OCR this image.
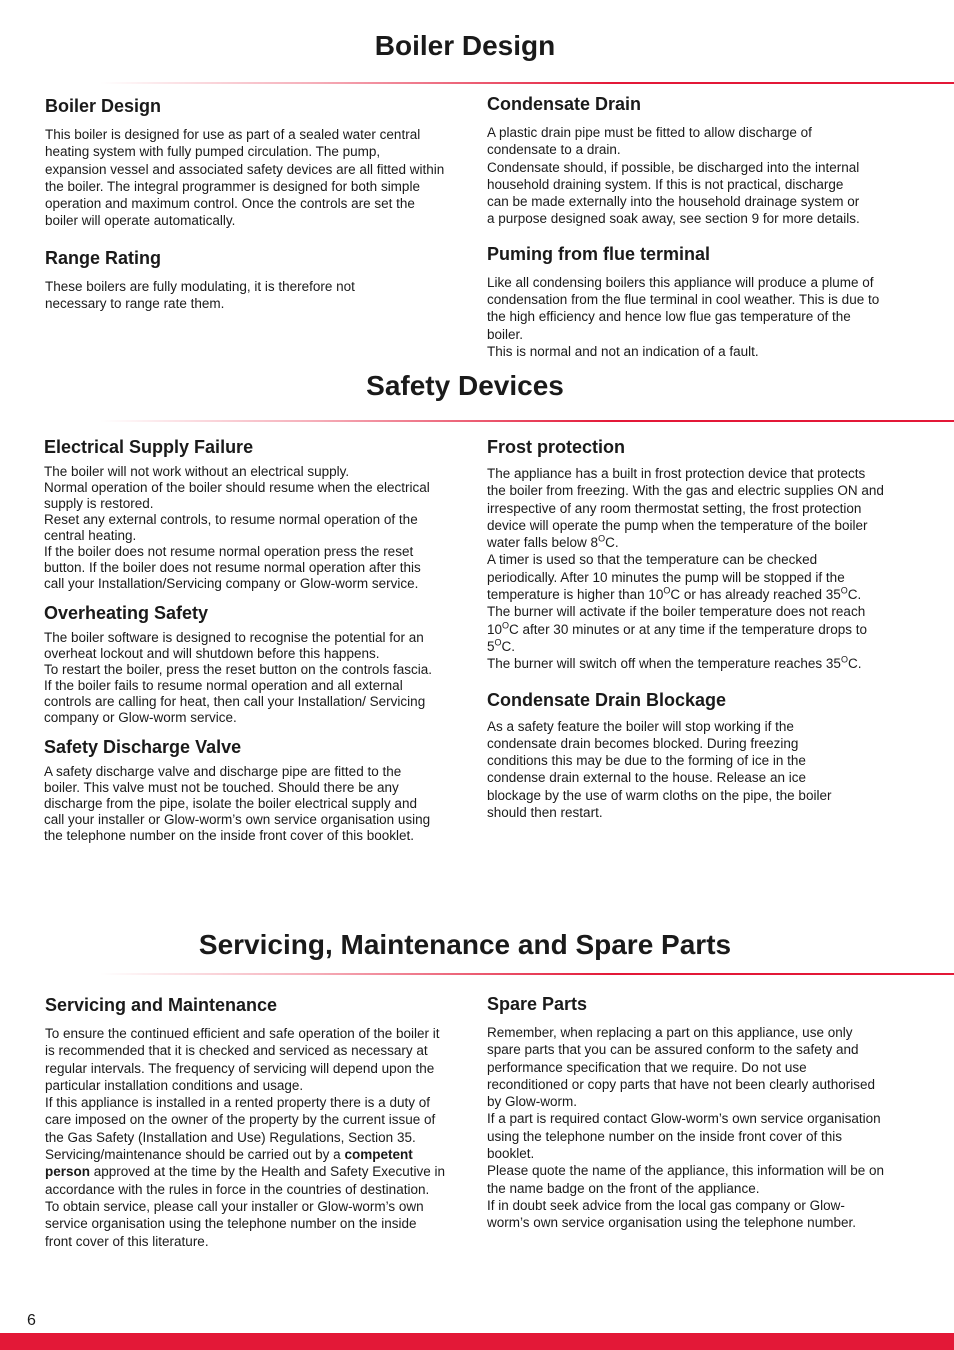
Boiler Design
Boiler Design

This boiler is designed for use as part of a sealed water central heating system with fully pumped circulation. The pump, expansion vessel and associated safety devices are all fitted within the boiler. The integral programmer is designed for both simple operation and maximum control. Once the controls are set the boiler will operate automatically.

Range Rating

These boilers are fully modulating, it is therefore not necessary to range rate them.

Condensate Drain

A plastic drain pipe must be fitted to allow discharge of condensate to a drain.
Condensate should, if possible, be discharged into the internal household draining system. If this is not practical, discharge can be made externally into the household drainage system or a purpose designed soak away, see section 9 for more details.

Puming from flue terminal

Like all condensing boilers this appliance will produce a plume of condensation from the flue terminal in cool weather. This is due to the high efficiency and hence low flue gas temperature of the boiler.
This is normal and not an indication of a fault.

Safety Devices
Electrical Supply Failure

The boiler will not work without an electrical supply.
Normal operation of the boiler should resume when the electrical supply is restored.
Reset any external controls, to resume normal operation of the central heating.
If the boiler does not resume normal operation press the reset button. If the boiler does not resume normal operation after this call your Installation/Servicing company or Glow-worm service.

Overheating Safety

The boiler software is designed to recognise the potential for an overheat lockout and will shutdown before this happens.
To restart the boiler, press the reset button on the controls fascia.
If the boiler fails to resume normal operation and all external controls are calling for heat, then call your Installation/ Servicing company or Glow-worm service.

Safety Discharge Valve

A safety discharge valve and discharge pipe are fitted to the boiler. This valve must not be touched. Should there be any discharge from the pipe, isolate the boiler electrical supply and call your installer or Glow-worm’s own service organisation using the telephone number on the inside front cover of this booklet.

Frost protection

The appliance has a built in frost protection device that protects the boiler from freezing. With the gas and electric supplies ON and irrespective of any room thermostat setting, the frost protection device will operate the pump when the temperature of the boiler water falls below $8^OC$.
A timer is used so that the temperature can be checked periodically. After 10 minutes the pump will be stopped if the temperature is higher than $10^OC$ or has already reached $35^OC$.
The burner will activate if the boiler temperature does not reach $10^OC$ after 30 minutes or at any time if the temperature drops to $5^OC$.
The burner will switch off when the temperature reaches $35^OC$.

Condensate Drain Blockage

As a safety feature the boiler will stop working if the condensate drain becomes blocked. During freezing conditions this may be due to the forming of ice in the condense drain external to the house. Release an ice blockage by the use of warm cloths on the pipe, the boiler should then restart.

Servicing, Maintenance and Spare Parts
Servicing and Maintenance

To ensure the continued efficient and safe operation of the boiler it is recommended that it is checked and serviced as necessary at regular intervals. The frequency of servicing will depend upon the particular installation conditions and usage.
If this appliance is installed in a rented property there is a duty of care imposed on the owner of the property by the current issue of the Gas Safety (Installation and Use) Regulations, Section 35.
Servicing/maintenance should be carried out by a competent person approved at the time by the Health and Safety Executive in accordance with the rules in force in the countries of destination.
To obtain service, please call your installer or Glow-worm’s own service organisation using the telephone number on the inside front cover of this literature.

Spare Parts

Remember, when replacing a part on this appliance, use only spare parts that you can be assured conform to the safety and performance specification that we require. Do not use reconditioned or copy parts that have not been clearly authorised by Glow-worm.
If a part is required contact Glow-worm’s own service organisation using the telephone number on the inside front cover of this booklet.
Please quote the name of the appliance, this information will be on the name badge on the front of the appliance.
If in doubt seek advice from the local gas company or Glow-worm’s own service organisation using the telephone number.

6
